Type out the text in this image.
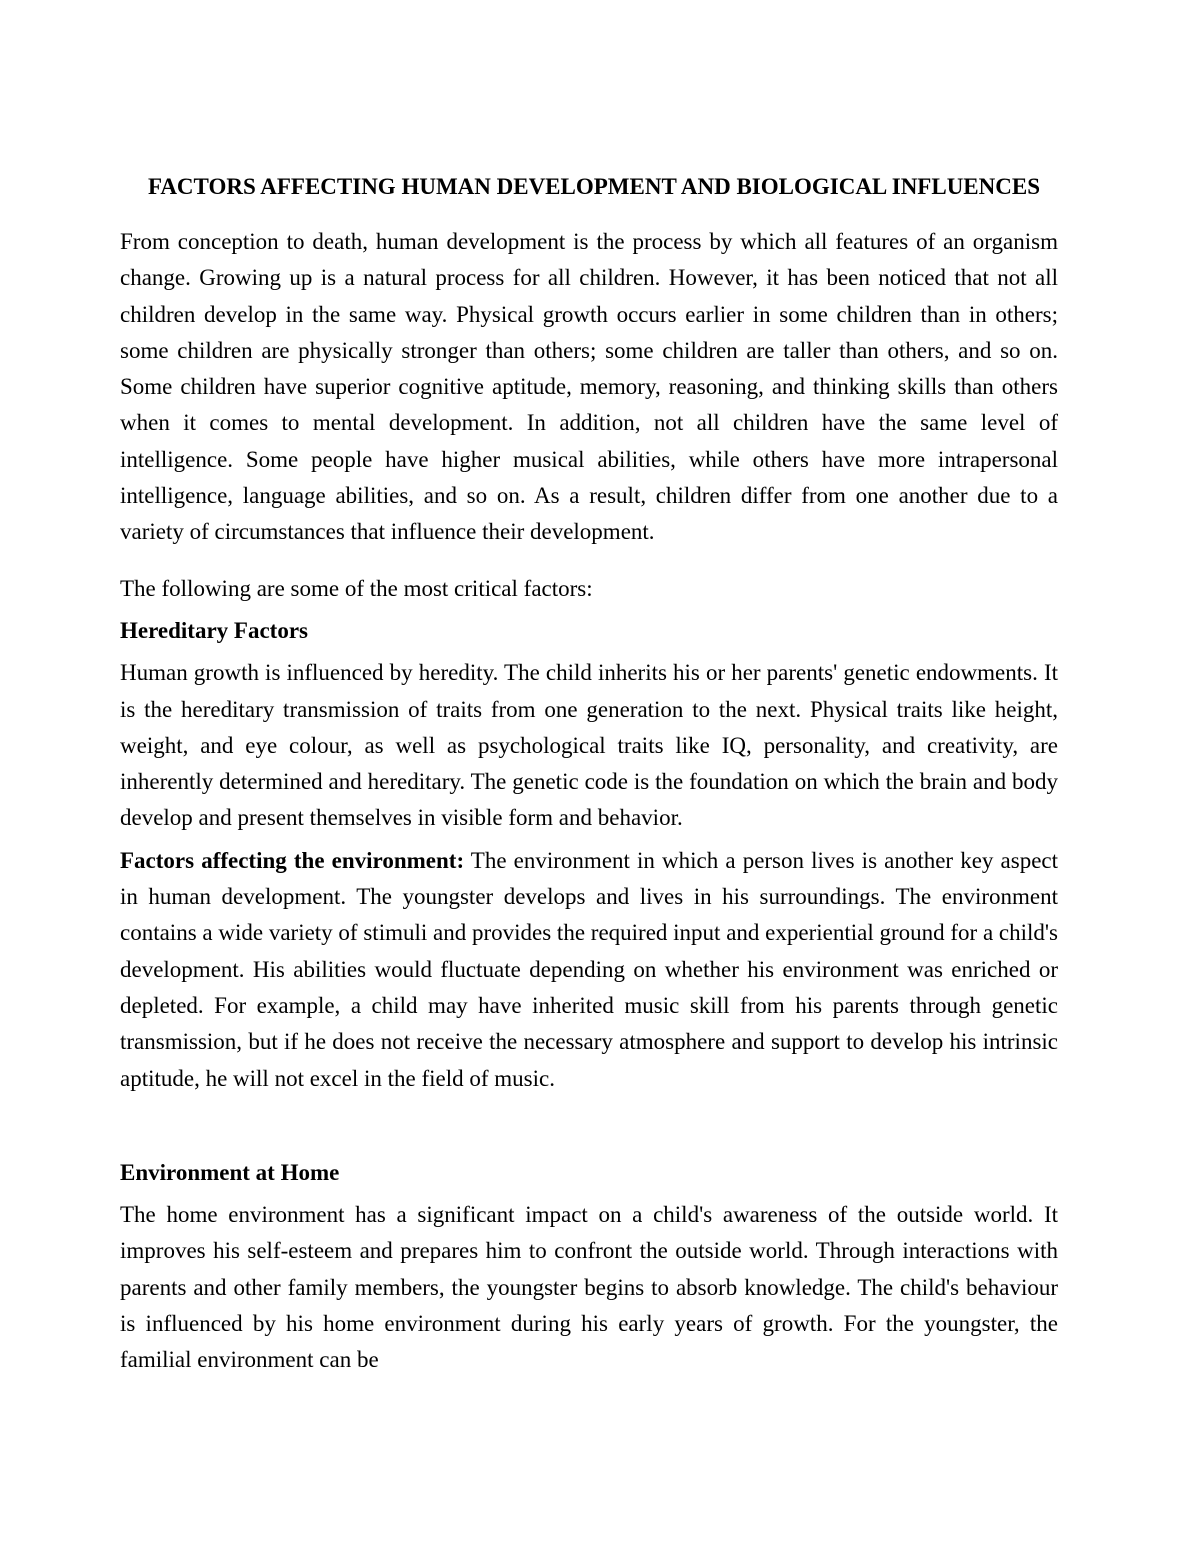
FACTORS AFFECTING HUMAN DEVELOPMENT AND BIOLOGICAL INFLUENCES

From conception to death, human development is the process by which all features of an organism change. Growing up is a natural process for all children. However, it has been noticed that not all children develop in the same way. Physical growth occurs earlier in some children than in others; some children are physically stronger than others; some children are taller than others, and so on. Some children have superior cognitive aptitude, memory, reasoning, and thinking skills than others when it comes to mental development. In addition, not all children have the same level of intelligence. Some people have higher musical abilities, while others have more intrapersonal intelligence, language abilities, and so on. As a result, children differ from one another due to a variety of circumstances that influence their development.

The following are some of the most critical factors:

Hereditary Factors

Human growth is influenced by heredity. The child inherits his or her parents' genetic endowments. It is the hereditary transmission of traits from one generation to the next. Physical traits like height, weight, and eye colour, as well as psychological traits like IQ, personality, and creativity, are inherently determined and hereditary. The genetic code is the foundation on which the brain and body develop and present themselves in visible form and behavior.

Factors affecting the environment: The environment in which a person lives is another key aspect in human development. The youngster develops and lives in his surroundings. The environment contains a wide variety of stimuli and provides the required input and experiential ground for a child's development. His abilities would fluctuate depending on whether his environment was enriched or depleted. For example, a child may have inherited music skill from his parents through genetic transmission, but if he does not receive the necessary atmosphere and support to develop his intrinsic aptitude, he will not excel in the field of music.

Environment at Home

The home environment has a significant impact on a child's awareness of the outside world. It improves his self-esteem and prepares him to confront the outside world. Through interactions with parents and other family members, the youngster begins to absorb knowledge. The child's behaviour is influenced by his home environment during his early years of growth. For the youngster, the familial environment can be
